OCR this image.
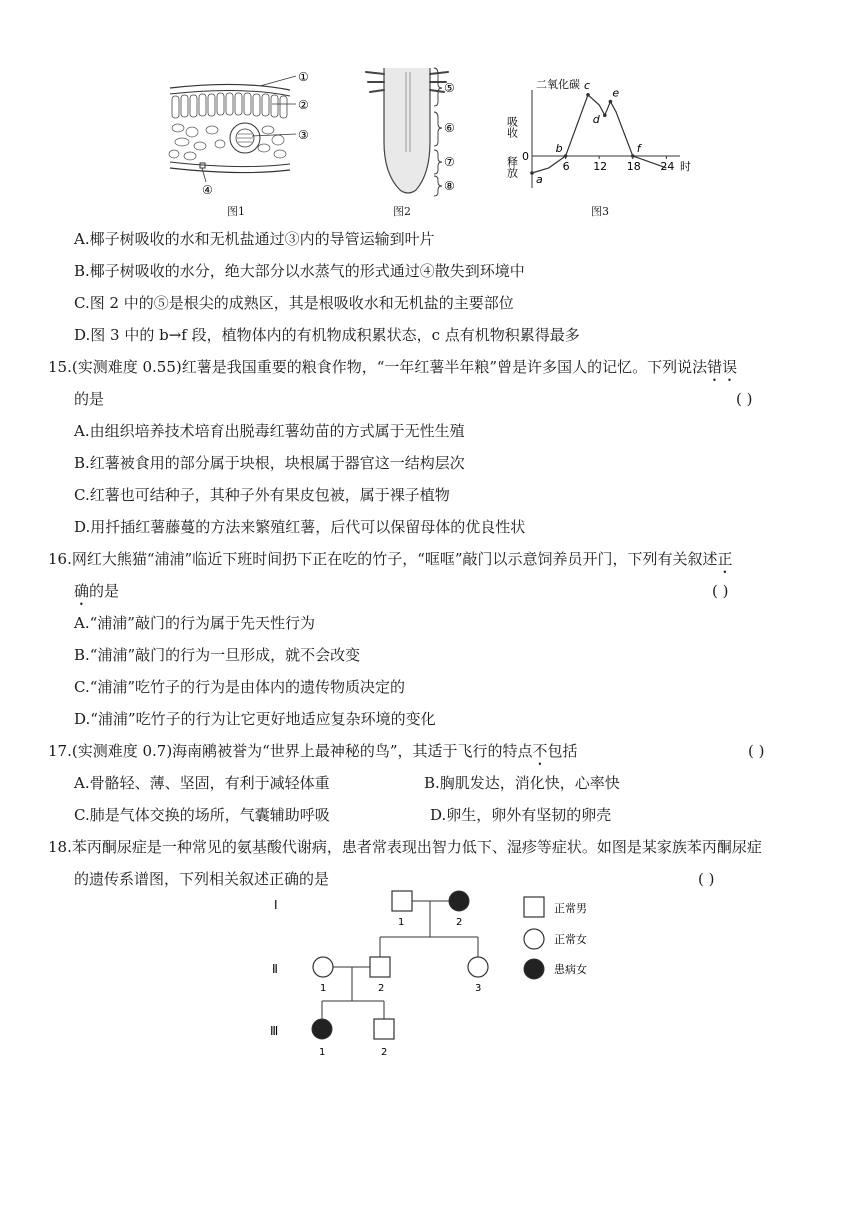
①
②
③
④
图1
⑤
⑥
⑦
⑧
图2
二氧化碳
吸收
释放 0
时
6 12 18 24
a
b
c
d
e
f
图3
A.椰子树吸收的水和无机盐通过③内的导管运输到叶片
B.椰子树吸收的水分，绝大部分以水蒸气的形式通过④散失到环境中
C.图 2 中的⑤是根尖的成熟区，其是根吸收水和无机盐的主要部位
D.图 3 中的 b→f 段，植物体内的有机物成积累状态，c 点有机物积累得最多
15.(实测难度 0.55)红薯是我国重要的粮食作物，“一年红薯半年粮”曾是许多国人的记忆。下列说法错误
的是	( )
A.由组织培养技术培育出脱毒红薯幼苗的方式属于无性生殖
B.红薯被食用的部分属于块根，块根属于器官这一结构层次
C.红薯也可结种子，其种子外有果皮包被，属于裸子植物
D.用扦插红薯藤蔓的方法来繁殖红薯，后代可以保留母体的优良性状
16.网红大熊猫“浦浦”临近下班时间扔下正在吃的竹子，“哐哐”敲门以示意饲养员开门，下列有关叙述正
确的是	( )
A.“浦浦”敲门的行为属于先天性行为
B.“浦浦”敲门的行为一旦形成，就不会改变
C.“浦浦”吃竹子的行为是由体内的遗传物质决定的
D.“浦浦”吃竹子的行为让它更好地适应复杂环境的变化
17.(实测难度 0.7)海南鹇被誉为“世界上最神秘的鸟”，其适于飞行的特点不包括	( )
A.骨骼轻、薄、坚固，有利于减轻体重	B.胸肌发达，消化快，心率快
C.肺是气体交换的场所，气囊辅助呼吸	D.卵生，卵外有坚韧的卵壳
18.苯丙酮尿症是一种常见的氨基酸代谢病，患者常表现出智力低下、湿疹等症状。如图是某家族苯丙酮尿症
的遗传系谱图，下列相关叙述正确的是	( )
Ⅰ
Ⅱ
Ⅲ
1	2
1	2	3
1	2
正常男
正常女
患病女
